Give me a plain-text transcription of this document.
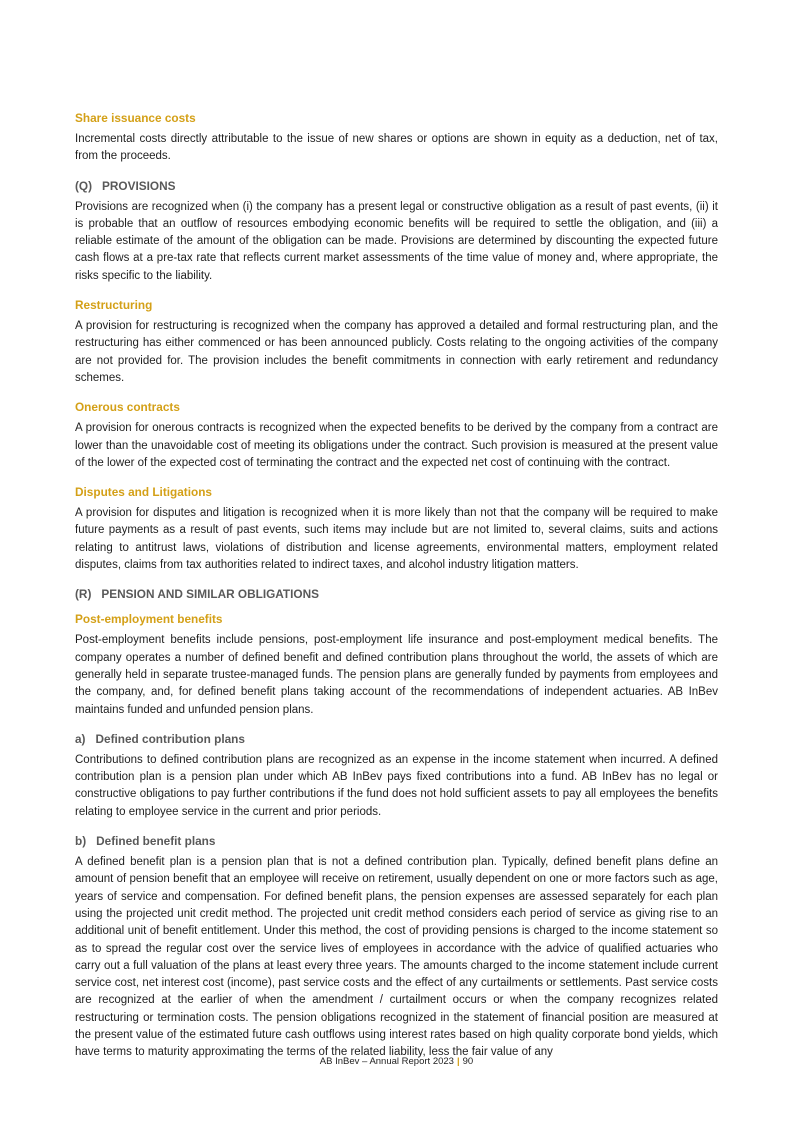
Share issuance costs

Incremental costs directly attributable to the issue of new shares or options are shown in equity as a deduction, net of tax, from the proceeds.

(Q) PROVISIONS

Provisions are recognized when (i) the company has a present legal or constructive obligation as a result of past events, (ii) it is probable that an outflow of resources embodying economic benefits will be required to settle the obligation, and (iii) a reliable estimate of the amount of the obligation can be made. Provisions are determined by discounting the expected future cash flows at a pre-tax rate that reflects current market assessments of the time value of money and, where appropriate, the risks specific to the liability.

Restructuring

A provision for restructuring is recognized when the company has approved a detailed and formal restructuring plan, and the restructuring has either commenced or has been announced publicly. Costs relating to the ongoing activities of the company are not provided for. The provision includes the benefit commitments in connection with early retirement and redundancy schemes.

Onerous contracts

A provision for onerous contracts is recognized when the expected benefits to be derived by the company from a contract are lower than the unavoidable cost of meeting its obligations under the contract. Such provision is measured at the present value of the lower of the expected cost of terminating the contract and the expected net cost of continuing with the contract.

Disputes and Litigations

A provision for disputes and litigation is recognized when it is more likely than not that the company will be required to make future payments as a result of past events, such items may include but are not limited to, several claims, suits and actions relating to antitrust laws, violations of distribution and license agreements, environmental matters, employment related disputes, claims from tax authorities related to indirect taxes, and alcohol industry litigation matters.

(R) PENSION AND SIMILAR OBLIGATIONS
Post-employment benefits

Post-employment benefits include pensions, post-employment life insurance and post-employment medical benefits. The company operates a number of defined benefit and defined contribution plans throughout the world, the assets of which are generally held in separate trustee-managed funds. The pension plans are generally funded by payments from employees and the company, and, for defined benefit plans taking account of the recommendations of independent actuaries. AB InBev maintains funded and unfunded pension plans.

a) Defined contribution plans

Contributions to defined contribution plans are recognized as an expense in the income statement when incurred. A defined contribution plan is a pension plan under which AB InBev pays fixed contributions into a fund. AB InBev has no legal or constructive obligations to pay further contributions if the fund does not hold sufficient assets to pay all employees the benefits relating to employee service in the current and prior periods.

b) Defined benefit plans

A defined benefit plan is a pension plan that is not a defined contribution plan. Typically, defined benefit plans define an amount of pension benefit that an employee will receive on retirement, usually dependent on one or more factors such as age, years of service and compensation. For defined benefit plans, the pension expenses are assessed separately for each plan using the projected unit credit method. The projected unit credit method considers each period of service as giving rise to an additional unit of benefit entitlement. Under this method, the cost of providing pensions is charged to the income statement so as to spread the regular cost over the service lives of employees in accordance with the advice of qualified actuaries who carry out a full valuation of the plans at least every three years. The amounts charged to the income statement include current service cost, net interest cost (income), past service costs and the effect of any curtailments or settlements. Past service costs are recognized at the earlier of when the amendment / curtailment occurs or when the company recognizes related restructuring or termination costs. The pension obligations recognized in the statement of financial position are measured at the present value of the estimated future cash outflows using interest rates based on high quality corporate bond yields, which have terms to maturity approximating the terms of the related liability, less the fair value of any

AB InBev – Annual Report 2023 | 90
